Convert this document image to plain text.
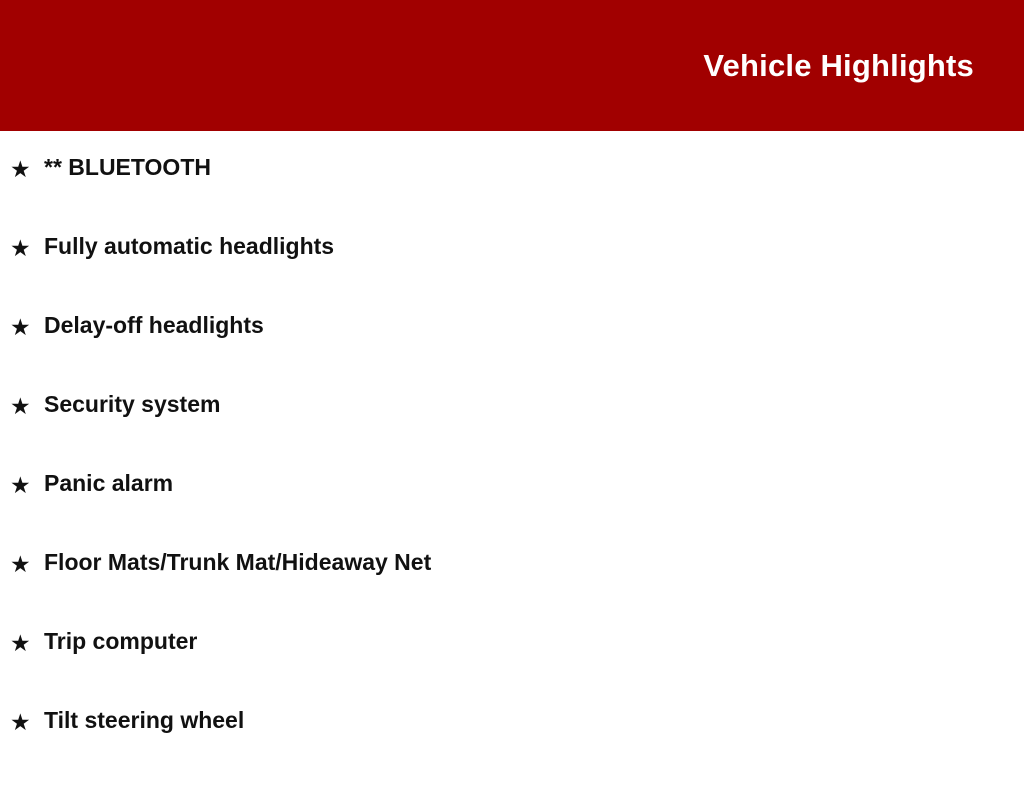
Vehicle Highlights
★ ** BLUETOOTH
★ Fully automatic headlights
★ Delay-off headlights
★ Security system
★ Panic alarm
★ Floor Mats/Trunk Mat/Hideaway Net
★ Trip computer
★ Tilt steering wheel
